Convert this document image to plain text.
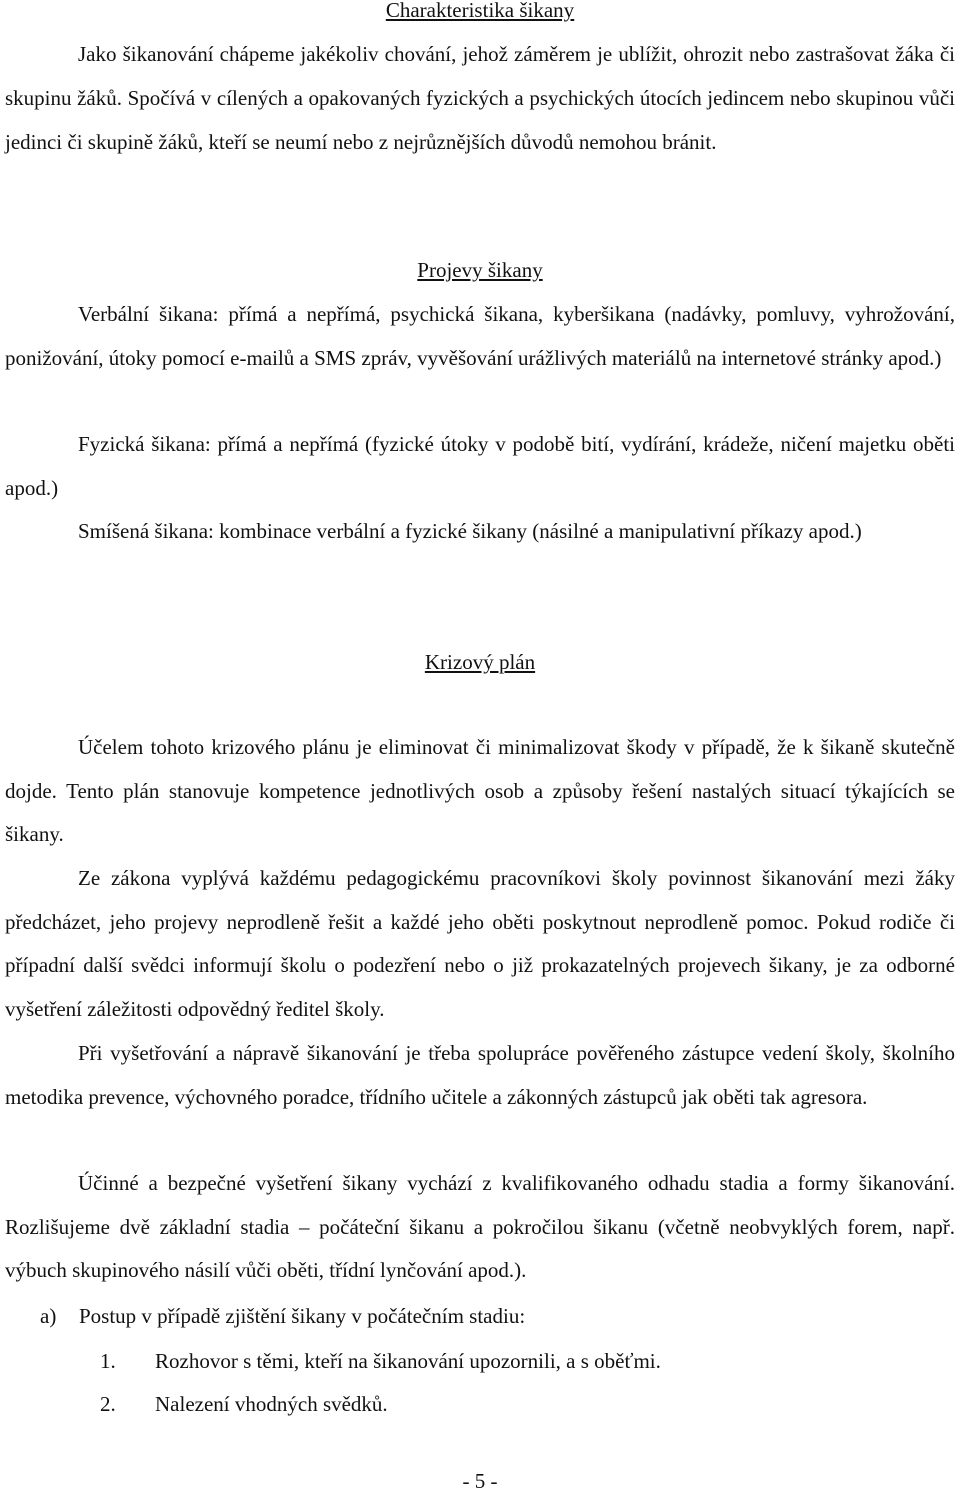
Charakteristika šikany

Jako šikanování chápeme jakékoliv chování, jehož záměrem je ublížit, ohrozit nebo zastrašovat žáka či skupinu žáků. Spočívá v cílených a opakovaných fyzických a psychických útocích jedincem nebo skupinou vůči jedinci či skupině žáků, kteří se neumí nebo z nejrůznějších důvodů nemohou bránit.

Projevy šikany

Verbální šikana: přímá a nepřímá, psychická šikana, kyberšikana (nadávky, pomluvy, vyhrožování, ponižování, útoky pomocí e-mailů a SMS zpráv, vyvěšování urážlivých materiálů na internetové stránky apod.)

Fyzická šikana: přímá a nepřímá (fyzické útoky v podobě bití, vydírání, krádeže, ničení majetku oběti apod.)

Smíšená šikana: kombinace verbální a fyzické šikany (násilné a manipulativní příkazy apod.)

Krizový plán

Účelem tohoto krizového plánu je eliminovat či minimalizovat škody v případě, že k šikaně skutečně dojde. Tento plán stanovuje kompetence jednotlivých osob a způsoby řešení nastalých situací týkajících se šikany.

Ze zákona vyplývá každému pedagogickému pracovníkovi školy povinnost šikanování mezi žáky předcházet, jeho projevy neprodleně řešit a každé jeho oběti poskytnout neprodleně pomoc. Pokud rodiče či případní další svědci informují školu o podezření nebo o již prokazatelných projevech šikany, je za odborné vyšetření záležitosti odpovědný ředitel školy.

Při vyšetřování a nápravě šikanování je třeba spolupráce pověřeného zástupce vedení školy, školního metodika prevence, výchovného poradce, třídního učitele a zákonných zástupců jak oběti tak agresora.

Účinné a bezpečné vyšetření šikany vychází z kvalifikovaného odhadu stadia a formy šikanování. Rozlišujeme dvě základní stadia – počáteční šikanu a pokročilou šikanu (včetně neobvyklých forem, např. výbuch skupinového násilí vůči oběti, třídní lynčování apod.).

a) Postup v případě zjištění šikany v počátečním stadiu:
1. Rozhovor s těmi, kteří na šikanování upozornili, a s oběťmi.
2. Nalezení vhodných svědků.
- 5 -
